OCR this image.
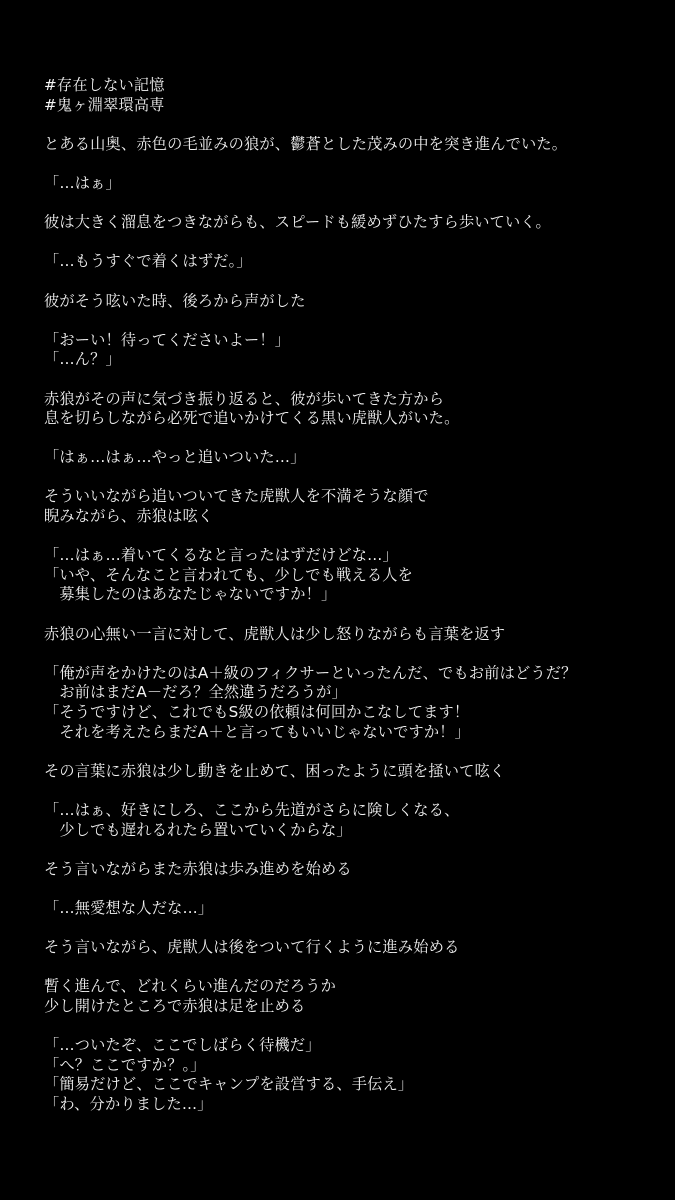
#存在しない記憶
#鬼ヶ淵翠環高専
とある山奥、赤色の毛並みの狼が、鬱蒼とした茂みの中を突き進んでいた。
「…はぁ」
彼は大きく溜息をつきながらも、スピードも緩めずひたすら歩いていく。
「…もうすぐで着くはずだ。」
彼がそう呟いた時、後ろから声がした
「おーい！待ってくださいよー！」
「…ん？」
赤狼がその声に気づき振り返ると、彼が歩いてきた方から
息を切らしながら必死で追いかけてくる黒い虎獣人がいた。
「はぁ…はぁ…やっと追いついた…」
そういいながら追いついてきた虎獣人を不満そうな顔で
睨みながら、赤狼は呟く
「…はぁ…着いてくるなと言ったはずだけどな…」
「いや、そんなこと言われても、少しでも戦える人を
　募集したのはあなたじゃないですか！」
赤狼の心無い一言に対して、虎獣人は少し怒りながらも言葉を返す
「俺が声をかけたのはA＋級のフィクサーといったんだ、でもお前はどうだ？
　お前はまだA－だろ？全然違うだろうが」
「そうですけど、これでもS級の依頼は何回かこなしてます！
　それを考えたらまだA＋と言ってもいいじゃないですか！」
その言葉に赤狼は少し動きを止めて、困ったように頭を掻いて呟く
「…はぁ、好きにしろ、ここから先道がさらに険しくなる、
　少しでも遅れるれたら置いていくからな」
そう言いながらまた赤狼は歩み進めを始める
「…無愛想な人だな…」
そう言いながら、虎獣人は後をついて行くように進み始める
暫く進んで、どれくらい進んだのだろうか
少し開けたところで赤狼は足を止める
「…ついたぞ、ここでしばらく待機だ」
「へ？ここですか？。」
「簡易だけど、ここでキャンプを設営する、手伝え」
「わ、分かりました…」
